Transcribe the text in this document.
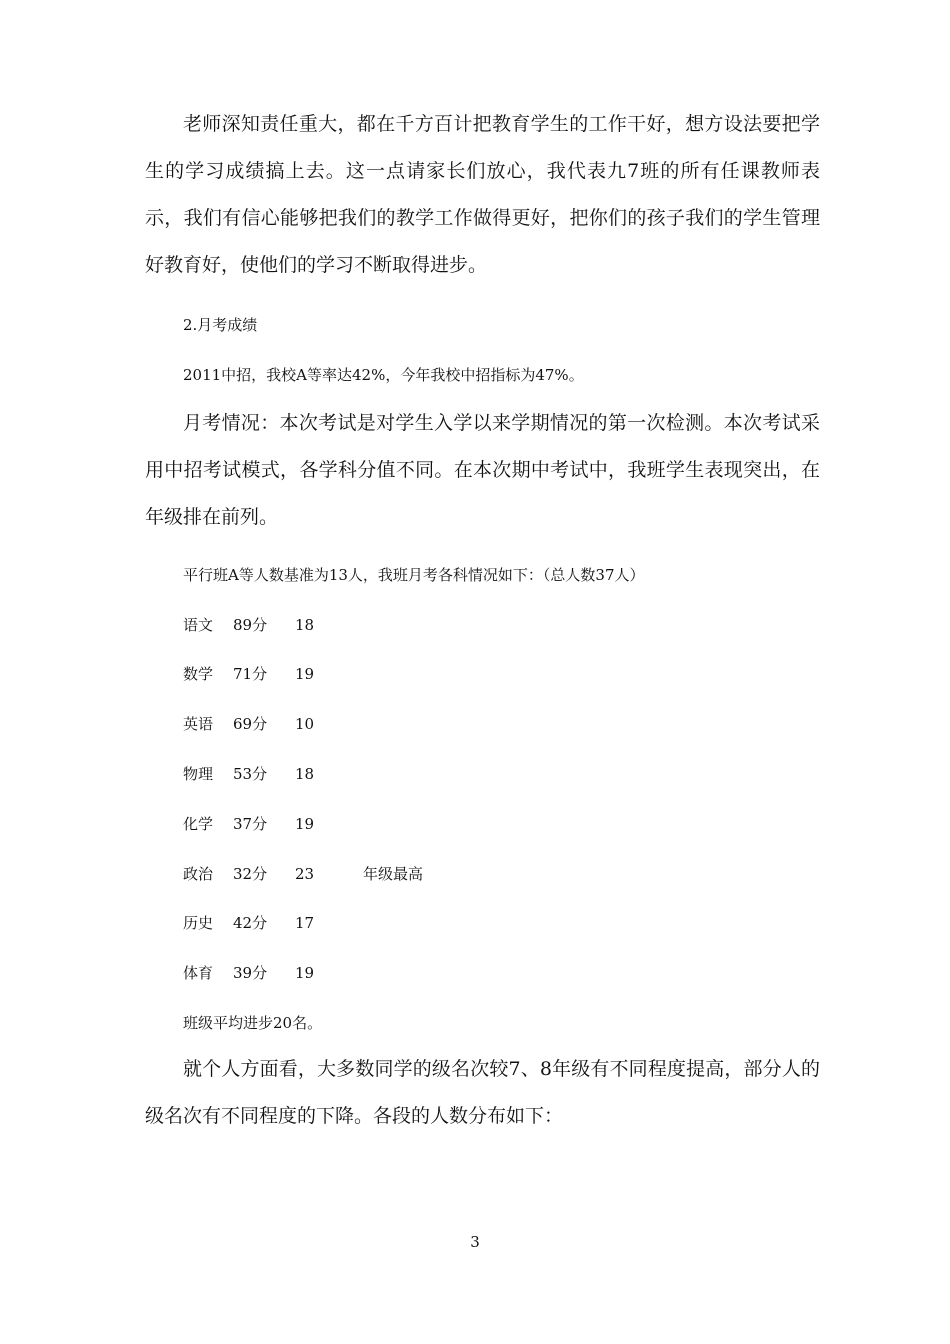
老师深知责任重大，都在千方百计把教育学生的工作干好，想方设法要把学生的学习成绩搞上去。这一点请家长们放心，我代表九7班的所有任课教师表示，我们有信心能够把我们的教学工作做得更好，把你们的孩子我们的学生管理好教育好，使他们的学习不断取得进步。

2.月考成绩

2011中招，我校A等率达42%，今年我校中招指标为47%。

月考情况：本次考试是对学生入学以来学期情况的第一次检测。本次考试采用中招考试模式，各学科分值不同。在本次期中考试中，我班学生表现突出，在年级排在前列。

平行班A等人数基准为13人，我班月考各科情况如下：（总人数37人）

语文 89分 18
数学 71分 19
英语 69分 10
物理 53分 18
化学 37分 19
政治 32分 23	年级最高
历史 42分 17
体育 39分 19

班级平均进步20名。

就个人方面看，大多数同学的级名次较7、8年级有不同程度提高，部分人的级名次有不同程度的下降。各段的人数分布如下：

3
